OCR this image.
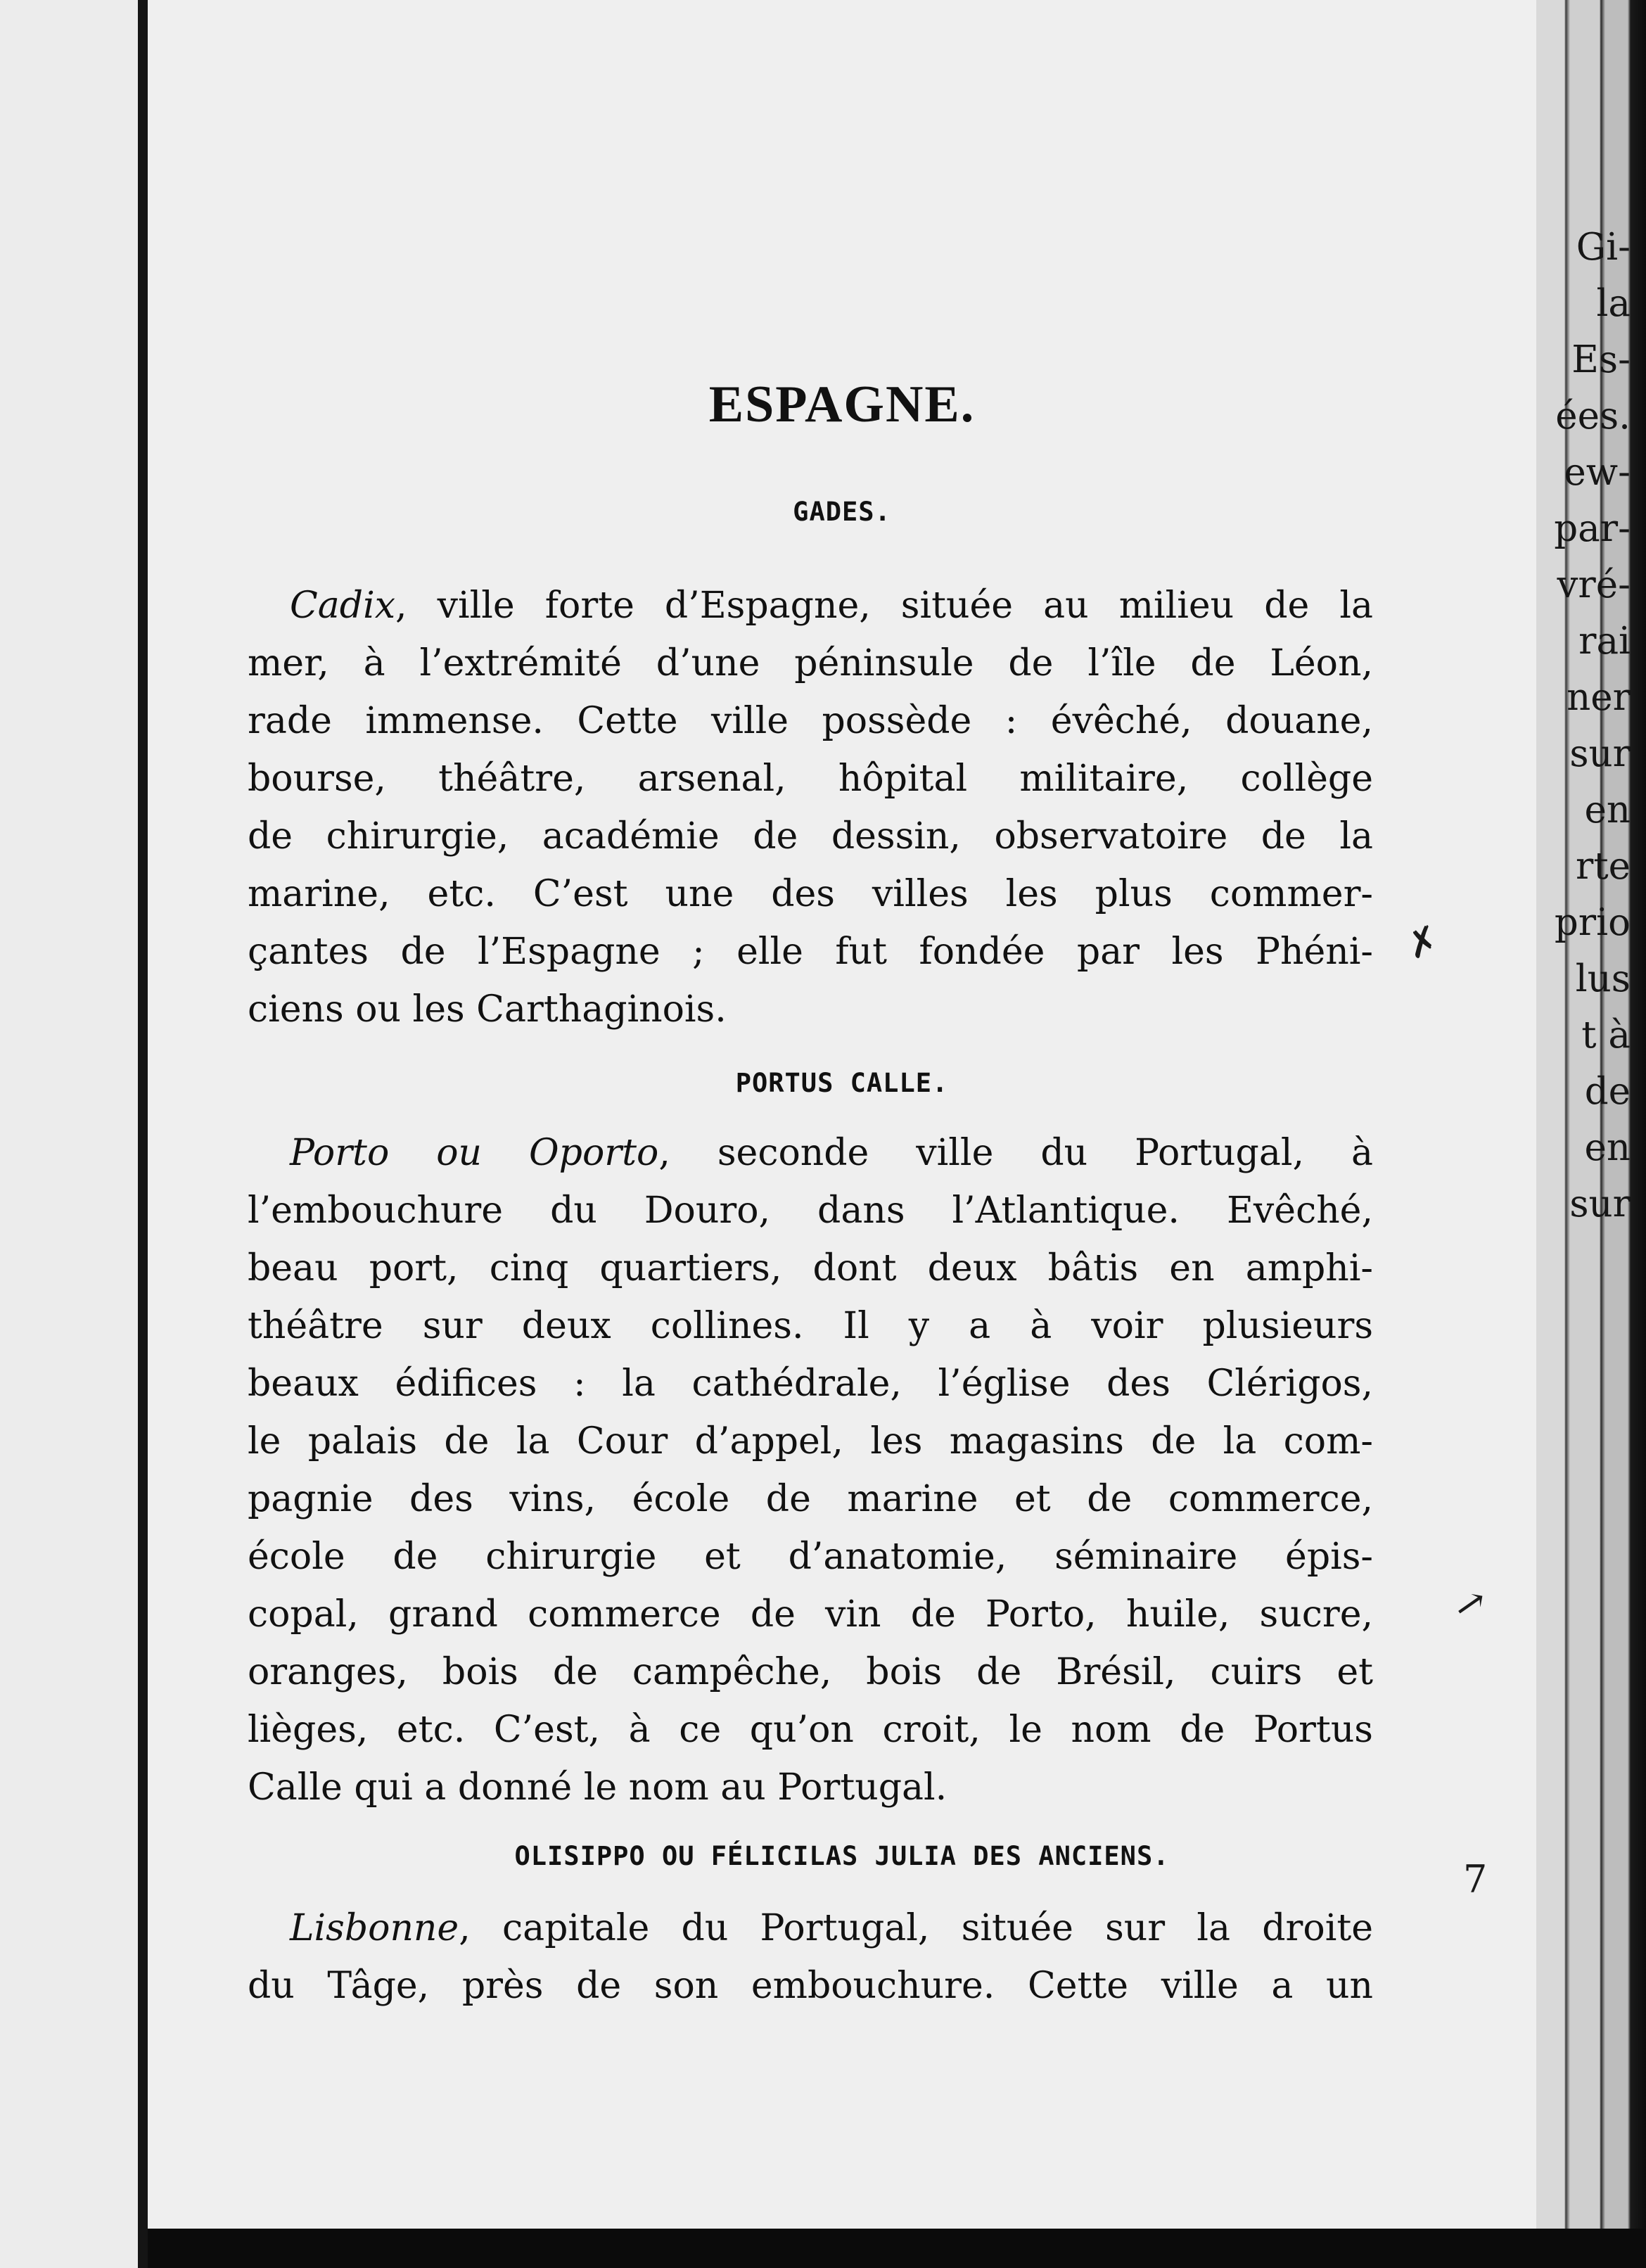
Gi-
la
Es-
ées.
ew-
par-
vré-
rai
ner
sur
en
rte
prio
lus
t à
de
en
sur
ESPAGNE.
GADES.
Cadix, ville forte d’Espagne, située au milieu de la
mer, à l’extrémité d’une péninsule de l’île de Léon,
rade immense. Cette ville possède : évêché, douane,
bourse, théâtre, arsenal, hôpital militaire, collège
de chirurgie, académie de dessin, observatoire de la
marine, etc. C’est une des villes les plus commer-
çantes de l’Espagne ; elle fut fondée par les Phéni-
ciens ou les Carthaginois.
PORTUS CALLE.
Porto ou Oporto, seconde ville du Portugal, à
l’embouchure du Douro, dans l’Atlantique. Evêché,
beau port, cinq quartiers, dont deux bâtis en amphi-
théâtre sur deux collines. Il y a à voir plusieurs
beaux édifices : la cathédrale, l’église des Clérigos,
le palais de la Cour d’appel, les magasins de la com-
pagnie des vins, école de marine et de commerce,
école de chirurgie et d’anatomie, séminaire épis-
copal, grand commerce de vin de Porto, huile, sucre,
oranges, bois de campêche, bois de Brésil, cuirs et
lièges, etc. C’est, à ce qu’on croit, le nom de Portus
Calle qui a donné le nom au Portugal.
OLISIPPO OU FÉLICILAS JULIA DES ANCIENS.
Lisbonne, capitale du Portugal, située sur la droite
du Tâge, près de son embouchure. Cette ville a un
✗
↗
7
